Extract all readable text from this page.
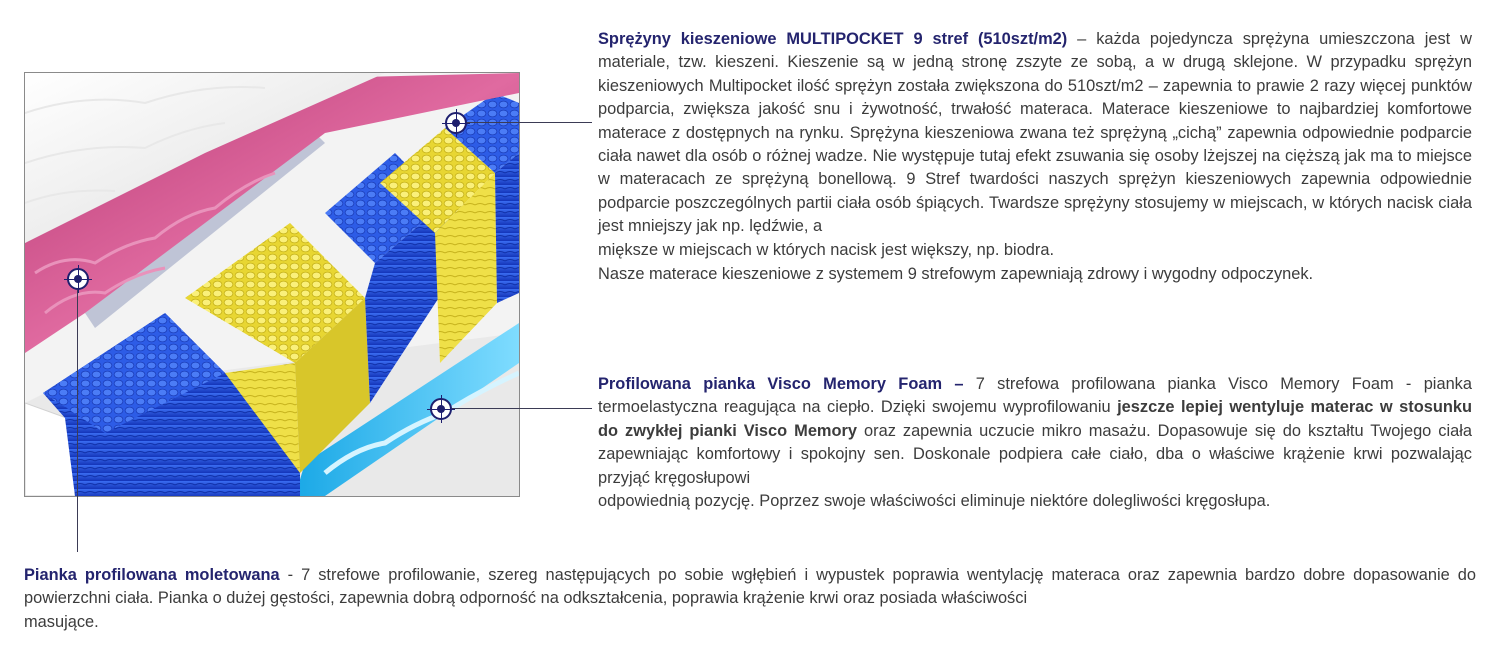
Sprężyny kieszeniowe MULTIPOCKET 9 stref (510szt/m2) – każda pojedyncza sprężyna umieszczona jest w materiale, tzw. kieszeni. Kieszenie są w jedną stronę zszyte ze sobą, a w drugą sklejone. W przypadku sprężyn kieszeniowych Multipocket ilość sprężyn została zwiększona do 510szt/m2 – zapewnia to prawie 2 razy więcej punktów podparcia, zwiększa jakość snu i żywotność, trwałość materaca. Materace kieszeniowe to najbardziej komfortowe materace z dostępnych na rynku. Sprężyna kieszeniowa zwana też sprężyną „cichą” zapewnia odpowiednie podparcie ciała nawet dla osób o różnej wadze. Nie występuje tutaj efekt zsuwania się osoby lżejszej na cięższą jak ma to miejsce w materacach ze sprężyną bonellową. 9 Stref twardości naszych sprężyn kieszeniowych zapewnia odpowiednie podparcie poszczególnych partii ciała osób śpiących. Twardsze sprężyny stosujemy w miejscach, w których nacisk ciała jest mniejszy jak np. lędźwie, a
miększe w miejscach w których nacisk jest większy, np. biodra.
Nasze materace kieszeniowe z systemem 9 strefowym zapewniają zdrowy i wygodny odpoczynek.
Profilowana pianka Visco Memory Foam – 7 strefowa profilowana pianka Visco Memory Foam - pianka termoelastyczna reagująca na ciepło. Dzięki swojemu wyprofilowaniu jeszcze lepiej wentyluje materac w stosunku do zwykłej pianki Visco Memory oraz zapewnia uczucie mikro masażu. Dopasowuje się do kształtu Twojego ciała zapewniając komfortowy i spokojny sen. Doskonale podpiera całe ciało, dba o właściwe krążenie krwi pozwalając przyjąć kręgosłupowi
odpowiednią pozycję. Poprzez swoje właściwości eliminuje niektóre dolegliwości kręgosłupa.
Pianka profilowana moletowana - 7 strefowe profilowanie, szereg następujących po sobie wgłębień i wypustek poprawia wentylację materaca oraz zapewnia bardzo dobre dopasowanie do powierzchni ciała. Pianka o dużej gęstości, zapewnia dobrą odporność na odkształcenia, poprawia krążenie krwi oraz posiada właściwości
masujące.
